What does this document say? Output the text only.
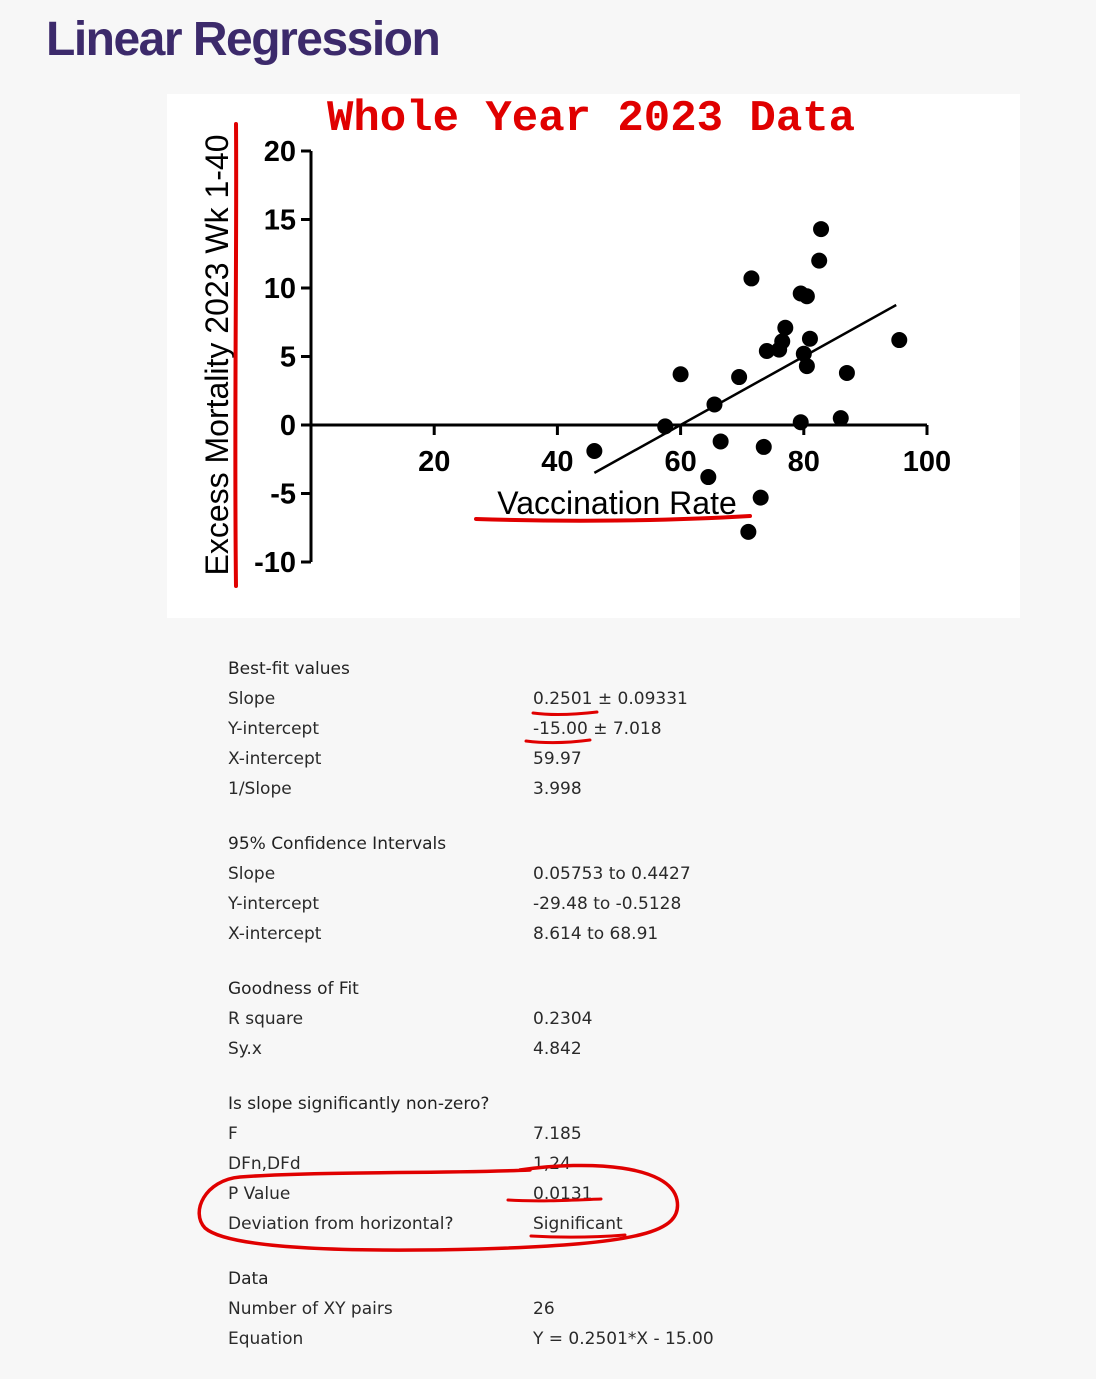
Linear Regression
Whole Year 2023 Data
20	40	60	80	100
-10
-5
0
5
10
15
20
Vaccination Rate
Excess Mortality 2023 Wk 1-40
Best-fit values
Slope	0.2501 ± 0.09331
Y-intercept	-15.00 ± 7.018
X-intercept	59.97
1/Slope	3.998
95% Confidence Intervals
Slope	0.05753 to 0.4427
Y-intercept	-29.48 to -0.5128
X-intercept	8.614 to 68.91
Goodness of Fit
R square	0.2304
Sy.x	4.842
Is slope significantly non-zero?
F	7.185
DFn,DFd	1,24
P Value	0.0131
Deviation from horizontal?	Significant
Data
Number of XY pairs	26
Equation	Y = 0.2501*X - 15.00
